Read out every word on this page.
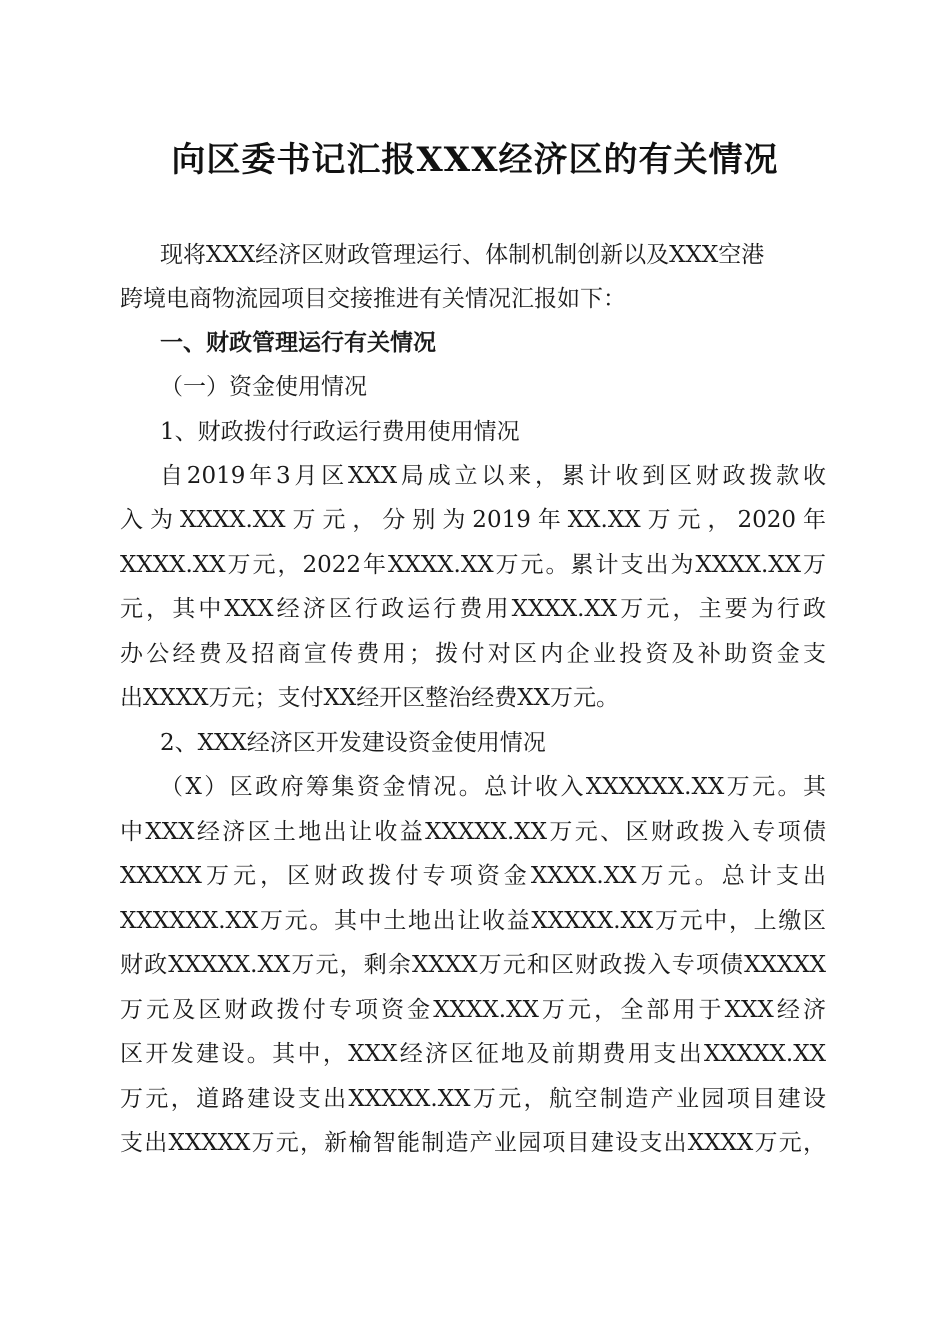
向区委书记汇报XXX经济区的有关情况
现将XXX经济区财政管理运行、体制机制创新以及XXX空港
跨境电商物流园项目交接推进有关情况汇报如下：
一、财政管理运行有关情况
（一）资金使用情况
1、财政拨付行政运行费用使用情况
自2019年3月区XXX局成立以来，累计收到区财政拨款收
入为XXXX.XX万元，分别为2019年XX.XX万元，2020年
XXXX.XX万元，2022年XXXX.XX万元。累计支出为XXXX.XX万
元，其中XXX经济区行政运行费用XXXX.XX万元，主要为行政
办公经费及招商宣传费用；拨付对区内企业投资及补助资金支
出XXXX万元；支付XX经开区整治经费XX万元。
2、XXX经济区开发建设资金使用情况
（X）区政府筹集资金情况。总计收入XXXXXX.XX万元。其
中XXX经济区土地出让收益XXXXX.XX万元、区财政拨入专项债
XXXXX万元，区财政拨付专项资金XXXX.XX万元。总计支出
XXXXXX.XX万元。其中土地出让收益XXXXX.XX万元中，上缴区
财政XXXXX.XX万元，剩余XXXX万元和区财政拨入专项债XXXXX
万元及区财政拨付专项资金XXXX.XX万元，全部用于XXX经济
区开发建设。其中，XXX经济区征地及前期费用支出XXXXX.XX
万元，道路建设支出XXXXX.XX万元，航空制造产业园项目建设
支出XXXXX万元，新榆智能制造产业园项目建设支出XXXX万元，
